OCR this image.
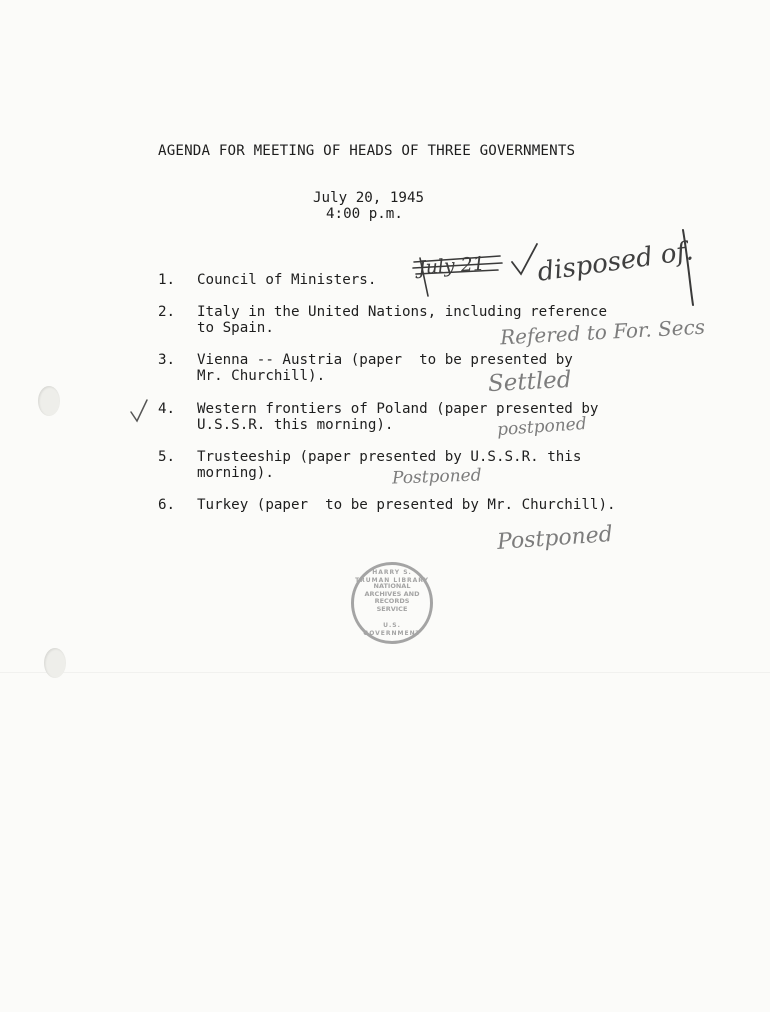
AGENDA FOR MEETING OF HEADS OF THREE GOVERNMENTS
July 20, 1945
4:00 p.m.
1. Council of Ministers.
2. Italy in the United Nations, including reference
to Spain.
3. Vienna -- Austria (paper  to be presented by
Mr. Churchill).
4. Western frontiers of Poland (paper presented by
U.S.S.R. this morning).
5. Trusteeship (paper presented by U.S.S.R. this
morning).
6. Turkey (paper  to be presented by Mr. Churchill).
July 21 disposed of.
Refered to For. Secs
Settled
postponed
Postponed
Postponed
HARRY S. TRUMAN LIBRARY
NATIONAL
ARCHIVES AND
RECORDS
SERVICE
U.S. GOVERNMENT
